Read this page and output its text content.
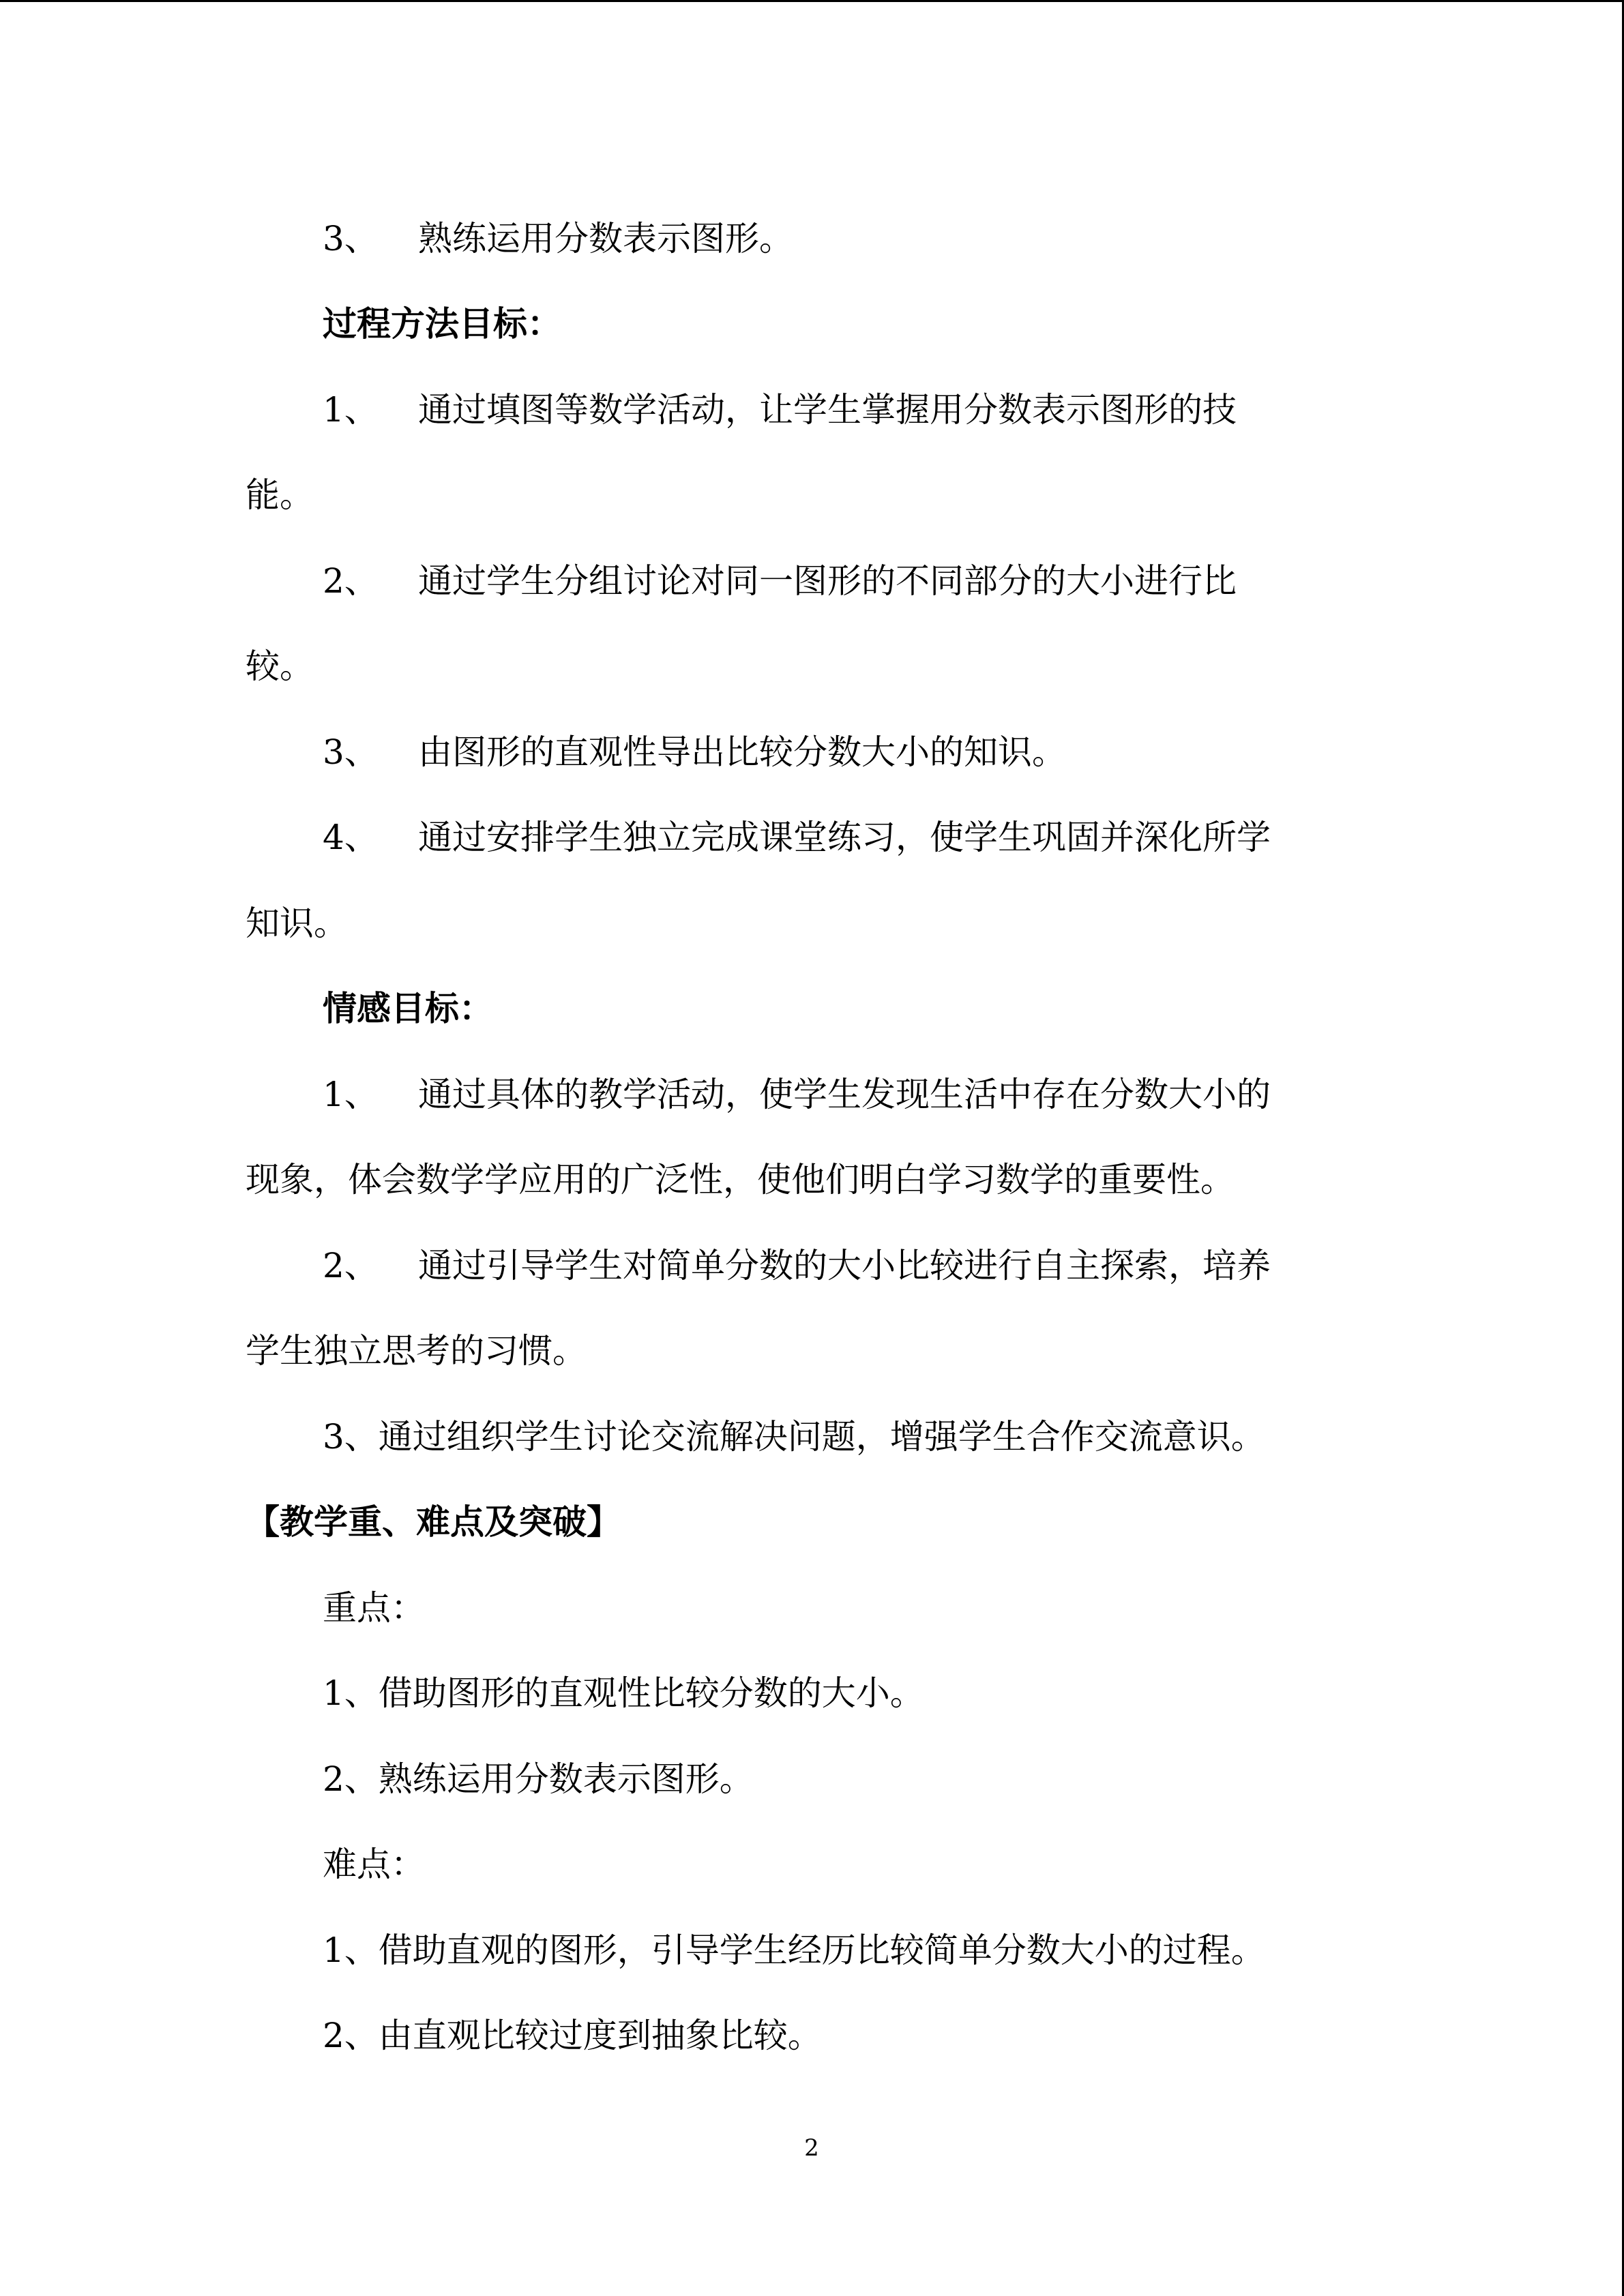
3、 熟练运用分数表示图形。

过程方法目标：

1、 通过填图等数学活动，让学生掌握用分数表示图形的技

能。

2、 通过学生分组讨论对同一图形的不同部分的大小进行比

较。

3、 由图形的直观性导出比较分数大小的知识。

4、 通过安排学生独立完成课堂练习，使学生巩固并深化所学

知识。

情感目标：

1、 通过具体的教学活动，使学生发现生活中存在分数大小的

现象，体会数学学应用的广泛性，使他们明白学习数学的重要性。

2、 通过引导学生对简单分数的大小比较进行自主探索，培养

学生独立思考的习惯。

3、通过组织学生讨论交流解决问题，增强学生合作交流意识。

【教学重、难点及突破】

重点：

1、借助图形的直观性比较分数的大小。

2、熟练运用分数表示图形。

难点：

1、借助直观的图形，引导学生经历比较简单分数大小的过程。

2、由直观比较过度到抽象比较。

2
